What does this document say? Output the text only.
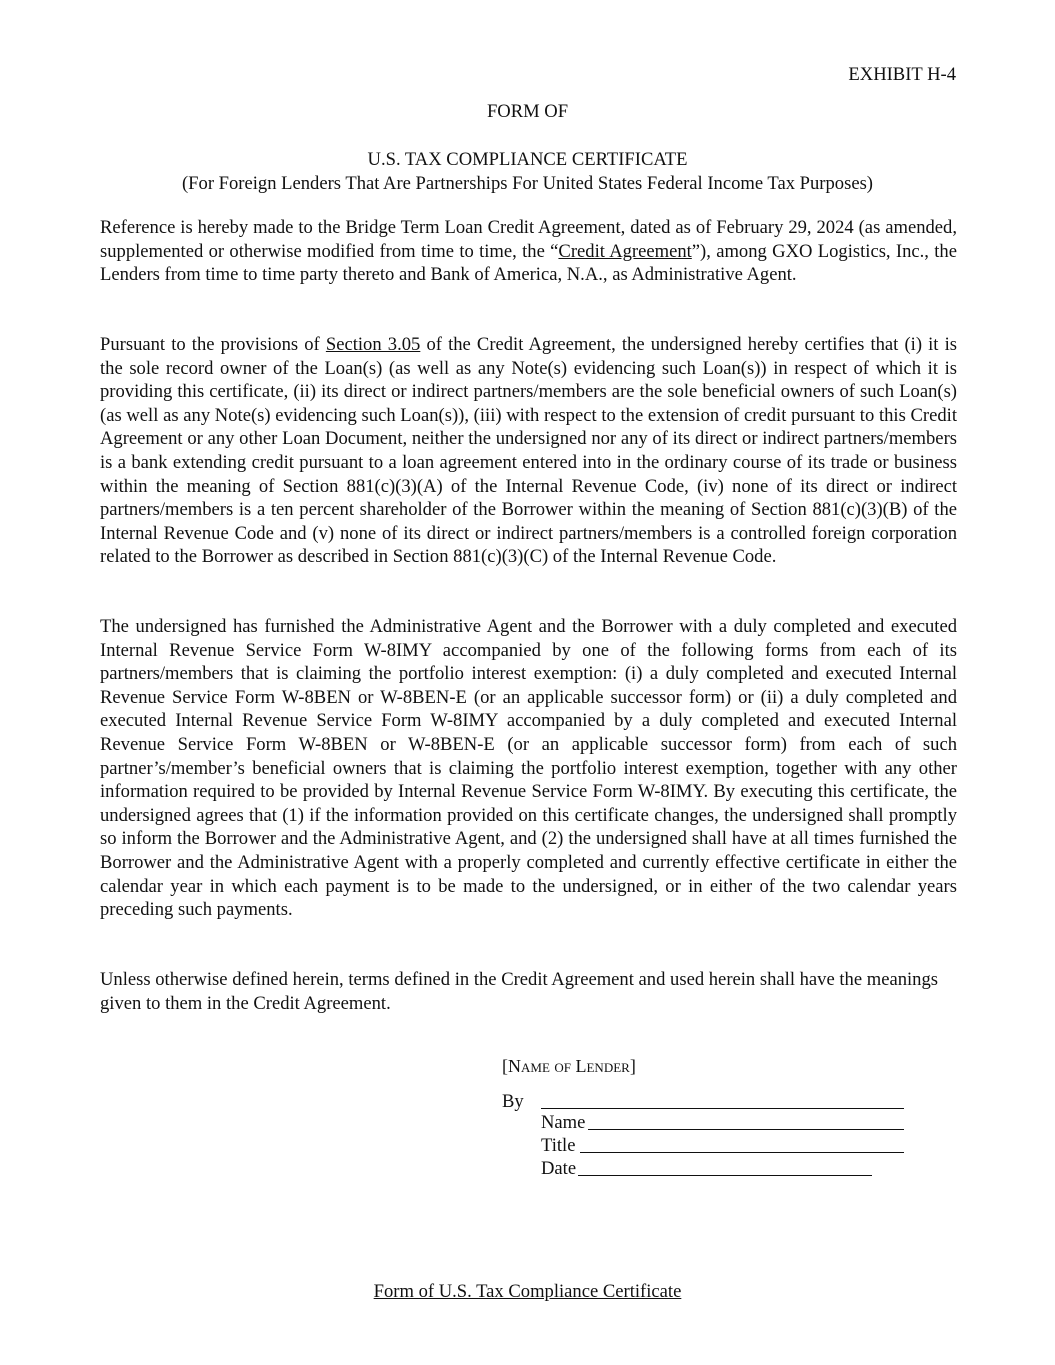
EXHIBIT H-4

FORM OF

U.S. TAX COMPLIANCE CERTIFICATE
(For Foreign Lenders That Are Partnerships For United States Federal Income Tax Purposes)

Reference is hereby made to the Bridge Term Loan Credit Agreement, dated as of February 29, 2024 (as amended, supplemented or otherwise modified from time to time, the “Credit Agreement”), among GXO Logistics, Inc., the Lenders from time to time party thereto and Bank of America, N.A., as Administrative Agent.

Pursuant to the provisions of Section 3.05 of the Credit Agreement, the undersigned hereby certifies that (i) it is the sole record owner of the Loan(s) (as well as any Note(s) evidencing such Loan(s)) in respect of which it is providing this certificate, (ii) its direct or indirect partners/members are the sole beneficial owners of such Loan(s) (as well as any Note(s) evidencing such Loan(s)), (iii) with respect to the extension of credit pursuant to this Credit Agreement or any other Loan Document, neither the undersigned nor any of its direct or indirect partners/members is a bank extending credit pursuant to a loan agreement entered into in the ordinary course of its trade or business within the meaning of Section 881(c)(3)(A) of the Internal Revenue Code, (iv) none of its direct or indirect partners/members is a ten percent shareholder of the Borrower within the meaning of Section 881(c)(3)(B) of the Internal Revenue Code and (v) none of its direct or indirect partners/members is a controlled foreign corporation related to the Borrower as described in Section 881(c)(3)(C) of the Internal Revenue Code.

The undersigned has furnished the Administrative Agent and the Borrower with a duly completed and executed Internal Revenue Service Form W-8IMY accompanied by one of the following forms from each of its partners/members that is claiming the portfolio interest exemption: (i) a duly completed and executed Internal Revenue Service Form W-8BEN or W-8BEN-E (or an applicable successor form) or (ii) a duly completed and executed Internal Revenue Service Form W-8IMY accompanied by a duly completed and executed Internal Revenue Service Form W-8BEN or W-8BEN-E (or an applicable successor form) from each of such partner’s/member’s beneficial owners that is claiming the portfolio interest exemption, together with any other information required to be provided by Internal Revenue Service Form W-8IMY. By executing this certificate, the undersigned agrees that (1) if the information provided on this certificate changes, the undersigned shall promptly so inform the Borrower and the Administrative Agent, and (2) the undersigned shall have at all times furnished the Borrower and the Administrative Agent with a properly completed and currently effective certificate in either the calendar year in which each payment is to be made to the undersigned, or in either of the two calendar years preceding such payments.

Unless otherwise defined herein, terms defined in the Credit Agreement and used herein shall have the meanings given to them in the Credit Agreement.

[Name of Lender]

By
Name
Title
Date

Form of U.S. Tax Compliance Certificate
